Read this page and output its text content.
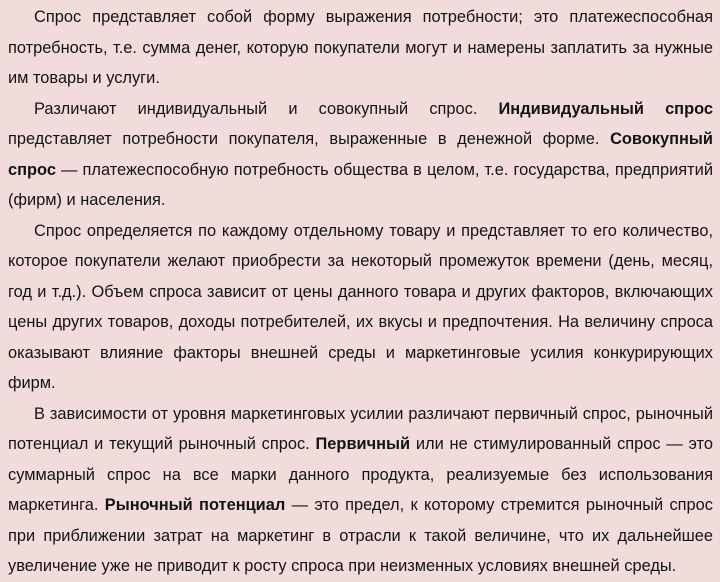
Спрос представляет собой форму выражения потребности; это платежеспособная потребность, т.е. сумма денег, которую покупатели могут и намерены заплатить за нужные им товары и услуги.

Различают индивидуальный и совокупный спрос. Индивидуальный спрос представляет потребности покупателя, выраженные в денежной форме. Совокупный спрос — платежеспособную потребность общества в целом, т.е. государства, предприятий (фирм) и населения.

Спрос определяется по каждому отдельному товару и представляет то его количество, которое покупатели желают приобрести за некоторый промежуток времени (день, месяц, год и т.д.). Объем спроса зависит от цены данного товара и других факторов, включающих цены других товаров, доходы потребителей, их вкусы и предпочтения. На величину спроса оказывают влияние факторы внешней среды и маркетинговые усилия конкурирующих фирм.

В зависимости от уровня маркетинговых усилии различают первичный спрос, рыночный потенциал и текущий рыночный спрос. Первичный или не стимулированный спрос — это суммарный спрос на все марки данного продукта, реализуемые без использования маркетинга. Рыночный потенциал — это предел, к которому стремится рыночный спрос при приближении затрат на маркетинг в отрасли к такой величине, что их дальнейшее увеличение уже не приводит к росту спроса при неизменных условиях внешней среды.
